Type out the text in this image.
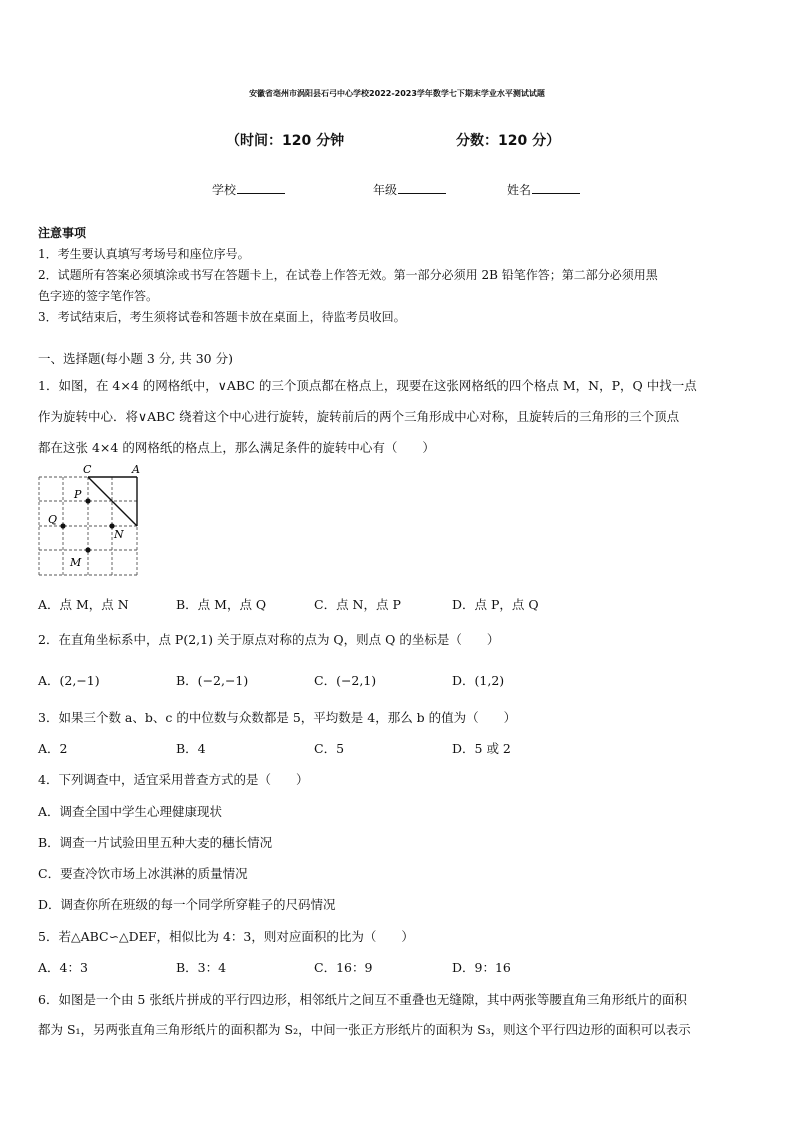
安徽省亳州市涡阳县石弓中心学校2022-2023学年数学七下期末学业水平测试试题
（时间：120 分钟	分数：120 分）
学校	年级	姓名
注意事项
1．考生要认真填写考场号和座位序号。
2．试题所有答案必须填涂或书写在答题卡上，在试卷上作答无效。第一部分必须用 2B 铅笔作答；第二部分必须用黑
色字迹的签字笔作答。
3．考试结束后，考生须将试卷和答题卡放在桌面上，待监考员收回。
一、选择题(每小题 3 分, 共 30 分)
1．如图，在 4×4 的网格纸中，∨ABC 的三个顶点都在格点上，现要在这张网格纸的四个格点 M，N，P，Q 中找一点
作为旋转中心．将∨ABC 绕着这个中心进行旋转，旋转前后的两个三角形成中心对称，且旋转后的三角形的三个顶点
都在这张 4×4 的网格纸的格点上，那么满足条件的旋转中心有（　　）
C	A
P
Q
N
M
A．点 M，点 N	B．点 M，点 Q	C．点 N，点 P	D．点 P，点 Q
2．在直角坐标系中，点 P(2,1) 关于原点对称的点为 Q，则点 Q 的坐标是（　　）
A．(2,−1)	B．(−2,−1)	C．(−2,1)	D．(1,2)
3．如果三个数 a、b、c 的中位数与众数都是 5，平均数是 4，那么 b 的值为（　　）
A．2	B．4	C．5	D．5 或 2
4．下列调查中，适宜采用普查方式的是（　　）
A．调查全国中学生心理健康现状
B．调查一片试验田里五种大麦的穗长情况
C．要查冷饮市场上冰淇淋的质量情况
D．调查你所在班级的每一个同学所穿鞋子的尺码情况
5．若△ABC∽△DEF，相似比为 4：3，则对应面积的比为（　　）
A．4：3	B．3：4	C．16：9	D．9：16
6．如图是一个由 5 张纸片拼成的平行四边形，相邻纸片之间互不重叠也无缝隙，其中两张等腰直角三角形纸片的面积
都为 S₁，另两张直角三角形纸片的面积都为 S₂，中间一张正方形纸片的面积为 S₃，则这个平行四边形的面积可以表示
